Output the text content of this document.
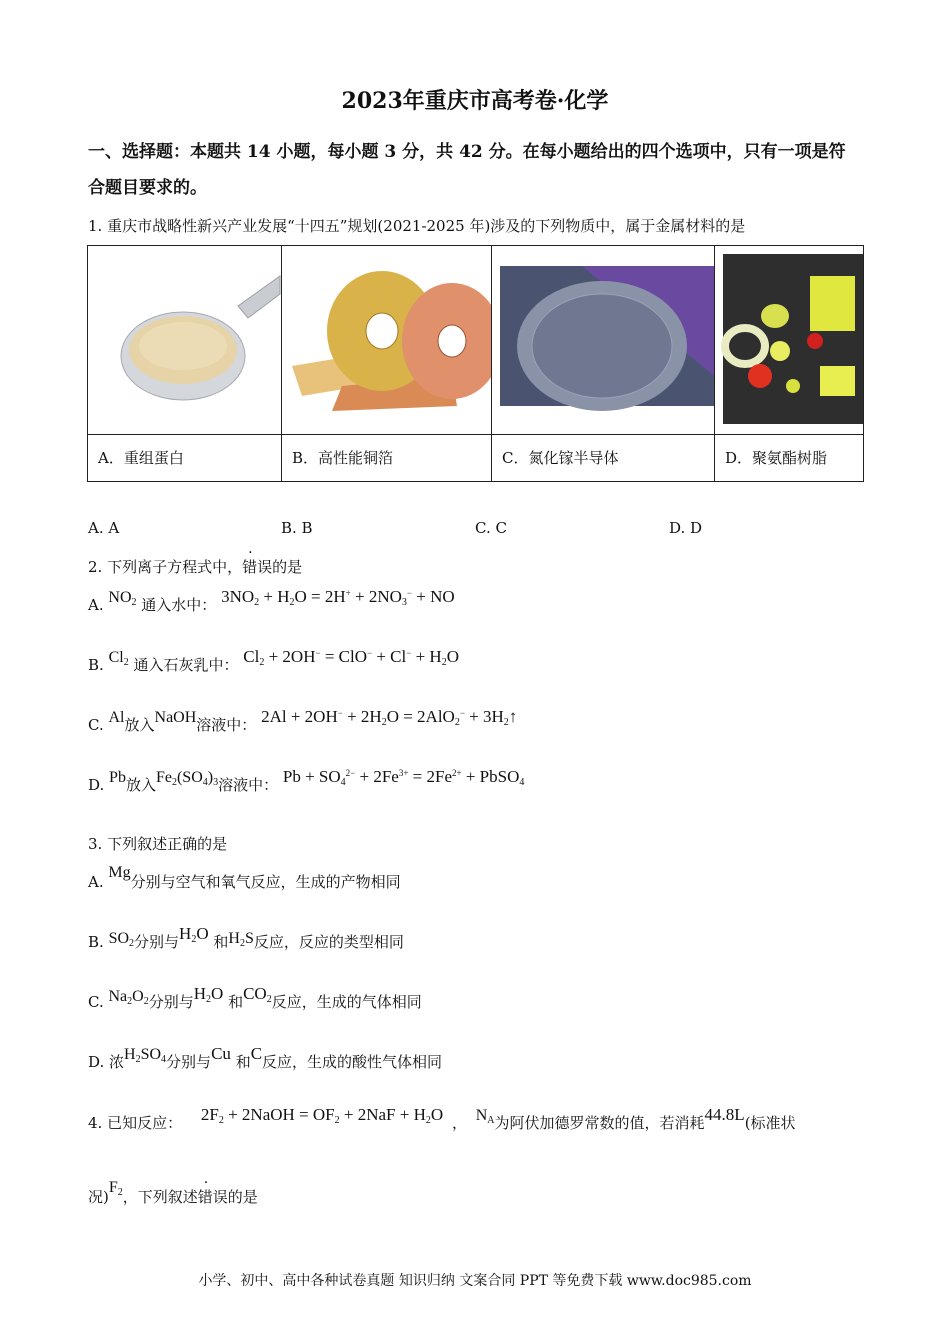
2023年重庆市高考卷·化学
一、选择题：本题共 14 小题，每小题 3 分，共 42 分。在每小题给出的四个选项中，只有一项是符合题目要求的。
1. 重庆市战略性新兴产业发展“十四五”规划(2021-2025 年)涉及的下列物质中，属于金属材料的是

A．重组蛋白	B．高性能铜箔	C．氮化镓半导体	D．聚氨酯树脂
A. A	B. B	C. C	D. D
2. 下列离子方程式中，错误的是
A. $NO_2$ 通入水中： $3NO_2 + H_2O = 2H^+ + 2NO_3^-$ + NO
B. $Cl_2$ 通入石灰乳中： $Cl_2 + 2OH^- = ClO^- + Cl^- + H_2O$
C. Al放入NaOH溶液中： $2Al + 2OH^- + 2H_2O = 2AlO_2^-$ + $3H_2↑$
D. Pb放入$Fe_2(SO_4)_3$溶液中： $Pb + SO_4^{2-} + 2Fe^{3+} = 2Fe^{2+}$ + PbSO$_4$
3. 下列叙述正确的是
A. Mg分别与空气和氧气反应，生成的产物相同
B. $SO_2$分别与$H_2O$ 和$H_2S$反应，反应的类型相同
C. $Na_2O_2$分别与$H_2O$ 和$CO_2$反应，生成的气体相同
D. 浓$H_2SO_4$分别与Cu 和C反应，生成的酸性气体相同
4. 已知反应： $2F_2$ + 2NaOH = $OF_2 + 2NaF + H_2O$ ， $N_A$为阿伏加德罗常数的值，若消耗44.8L(标准状
况)$F_2$，下列叙述错误的是
小学、初中、高中各种试卷真题 知识归纳 文案合同 PPT 等免费下载 www.doc985.com
